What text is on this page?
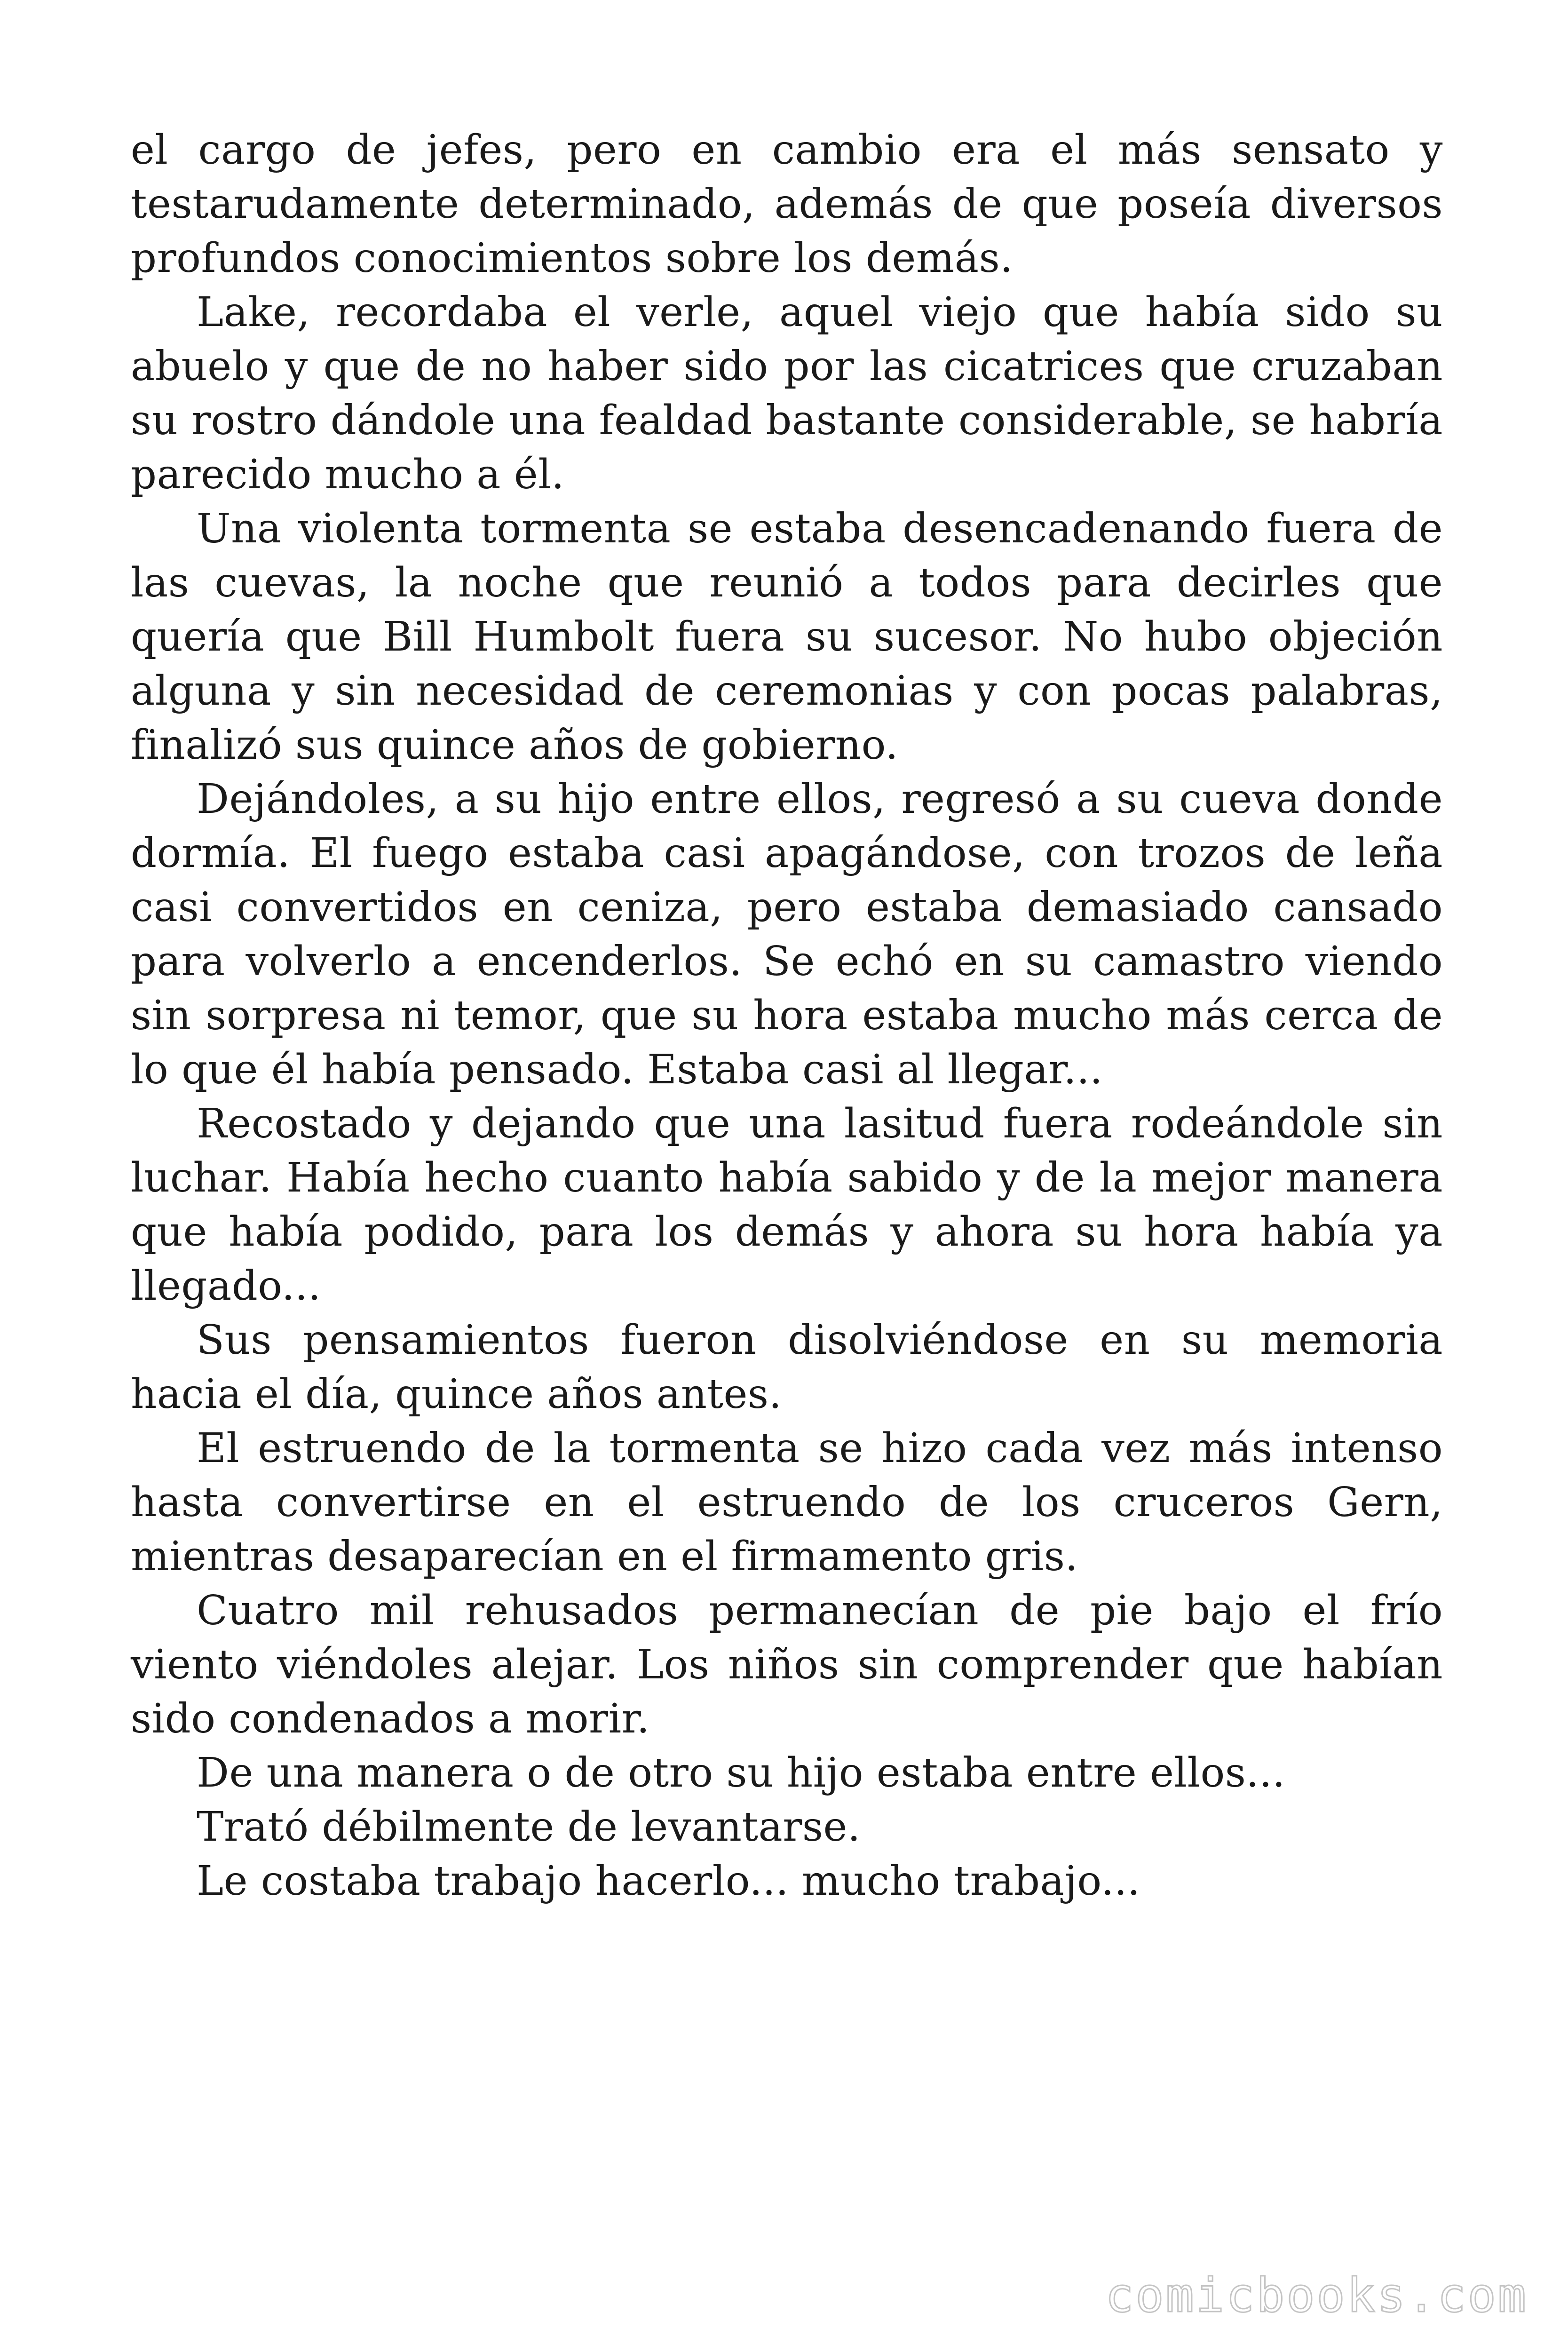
el cargo de jefes, pero en cambio era el más sensato y testarudamente determinado, además de que poseía diversos profundos conocimientos sobre los demás.

Lake, recordaba el verle, aquel viejo que había sido su abuelo y que de no haber sido por las cicatrices que cruzaban su rostro dándole una fealdad bastante considerable, se habría parecido mucho a él.

Una violenta tormenta se estaba desencadenando fuera de las cuevas, la noche que reunió a todos para decirles que quería que Bill Humbolt fuera su sucesor. No hubo objeción alguna y sin necesidad de ceremonias y con pocas palabras, finalizó sus quince años de gobierno.

Dejándoles, a su hijo entre ellos, regresó a su cueva donde dormía. El fuego estaba casi apagándose, con trozos de leña casi convertidos en ceniza, pero estaba demasiado cansado para volverlo a encenderlos. Se echó en su camastro viendo sin sorpresa ni temor, que su hora estaba mucho más cerca de lo que él había pensado. Estaba casi al llegar...

Recostado y dejando que una lasitud fuera rodeándole sin luchar. Había hecho cuanto había sabido y de la mejor manera que había podido, para los demás y ahora su hora había ya llegado...

Sus pensamientos fueron disolviéndose en su memoria hacia el día, quince años antes.

El estruendo de la tormenta se hizo cada vez más intenso hasta convertirse en el estruendo de los cruceros Gern, mientras desaparecían en el firmamento gris.

Cuatro mil rehusados permanecían de pie bajo el frío viento viéndoles alejar. Los niños sin comprender que habían sido condenados a morir.

De una manera o de otro su hijo estaba entre ellos...

Trató débilmente de levantarse.

Le costaba trabajo hacerlo... mucho trabajo...

comicbooks.com
